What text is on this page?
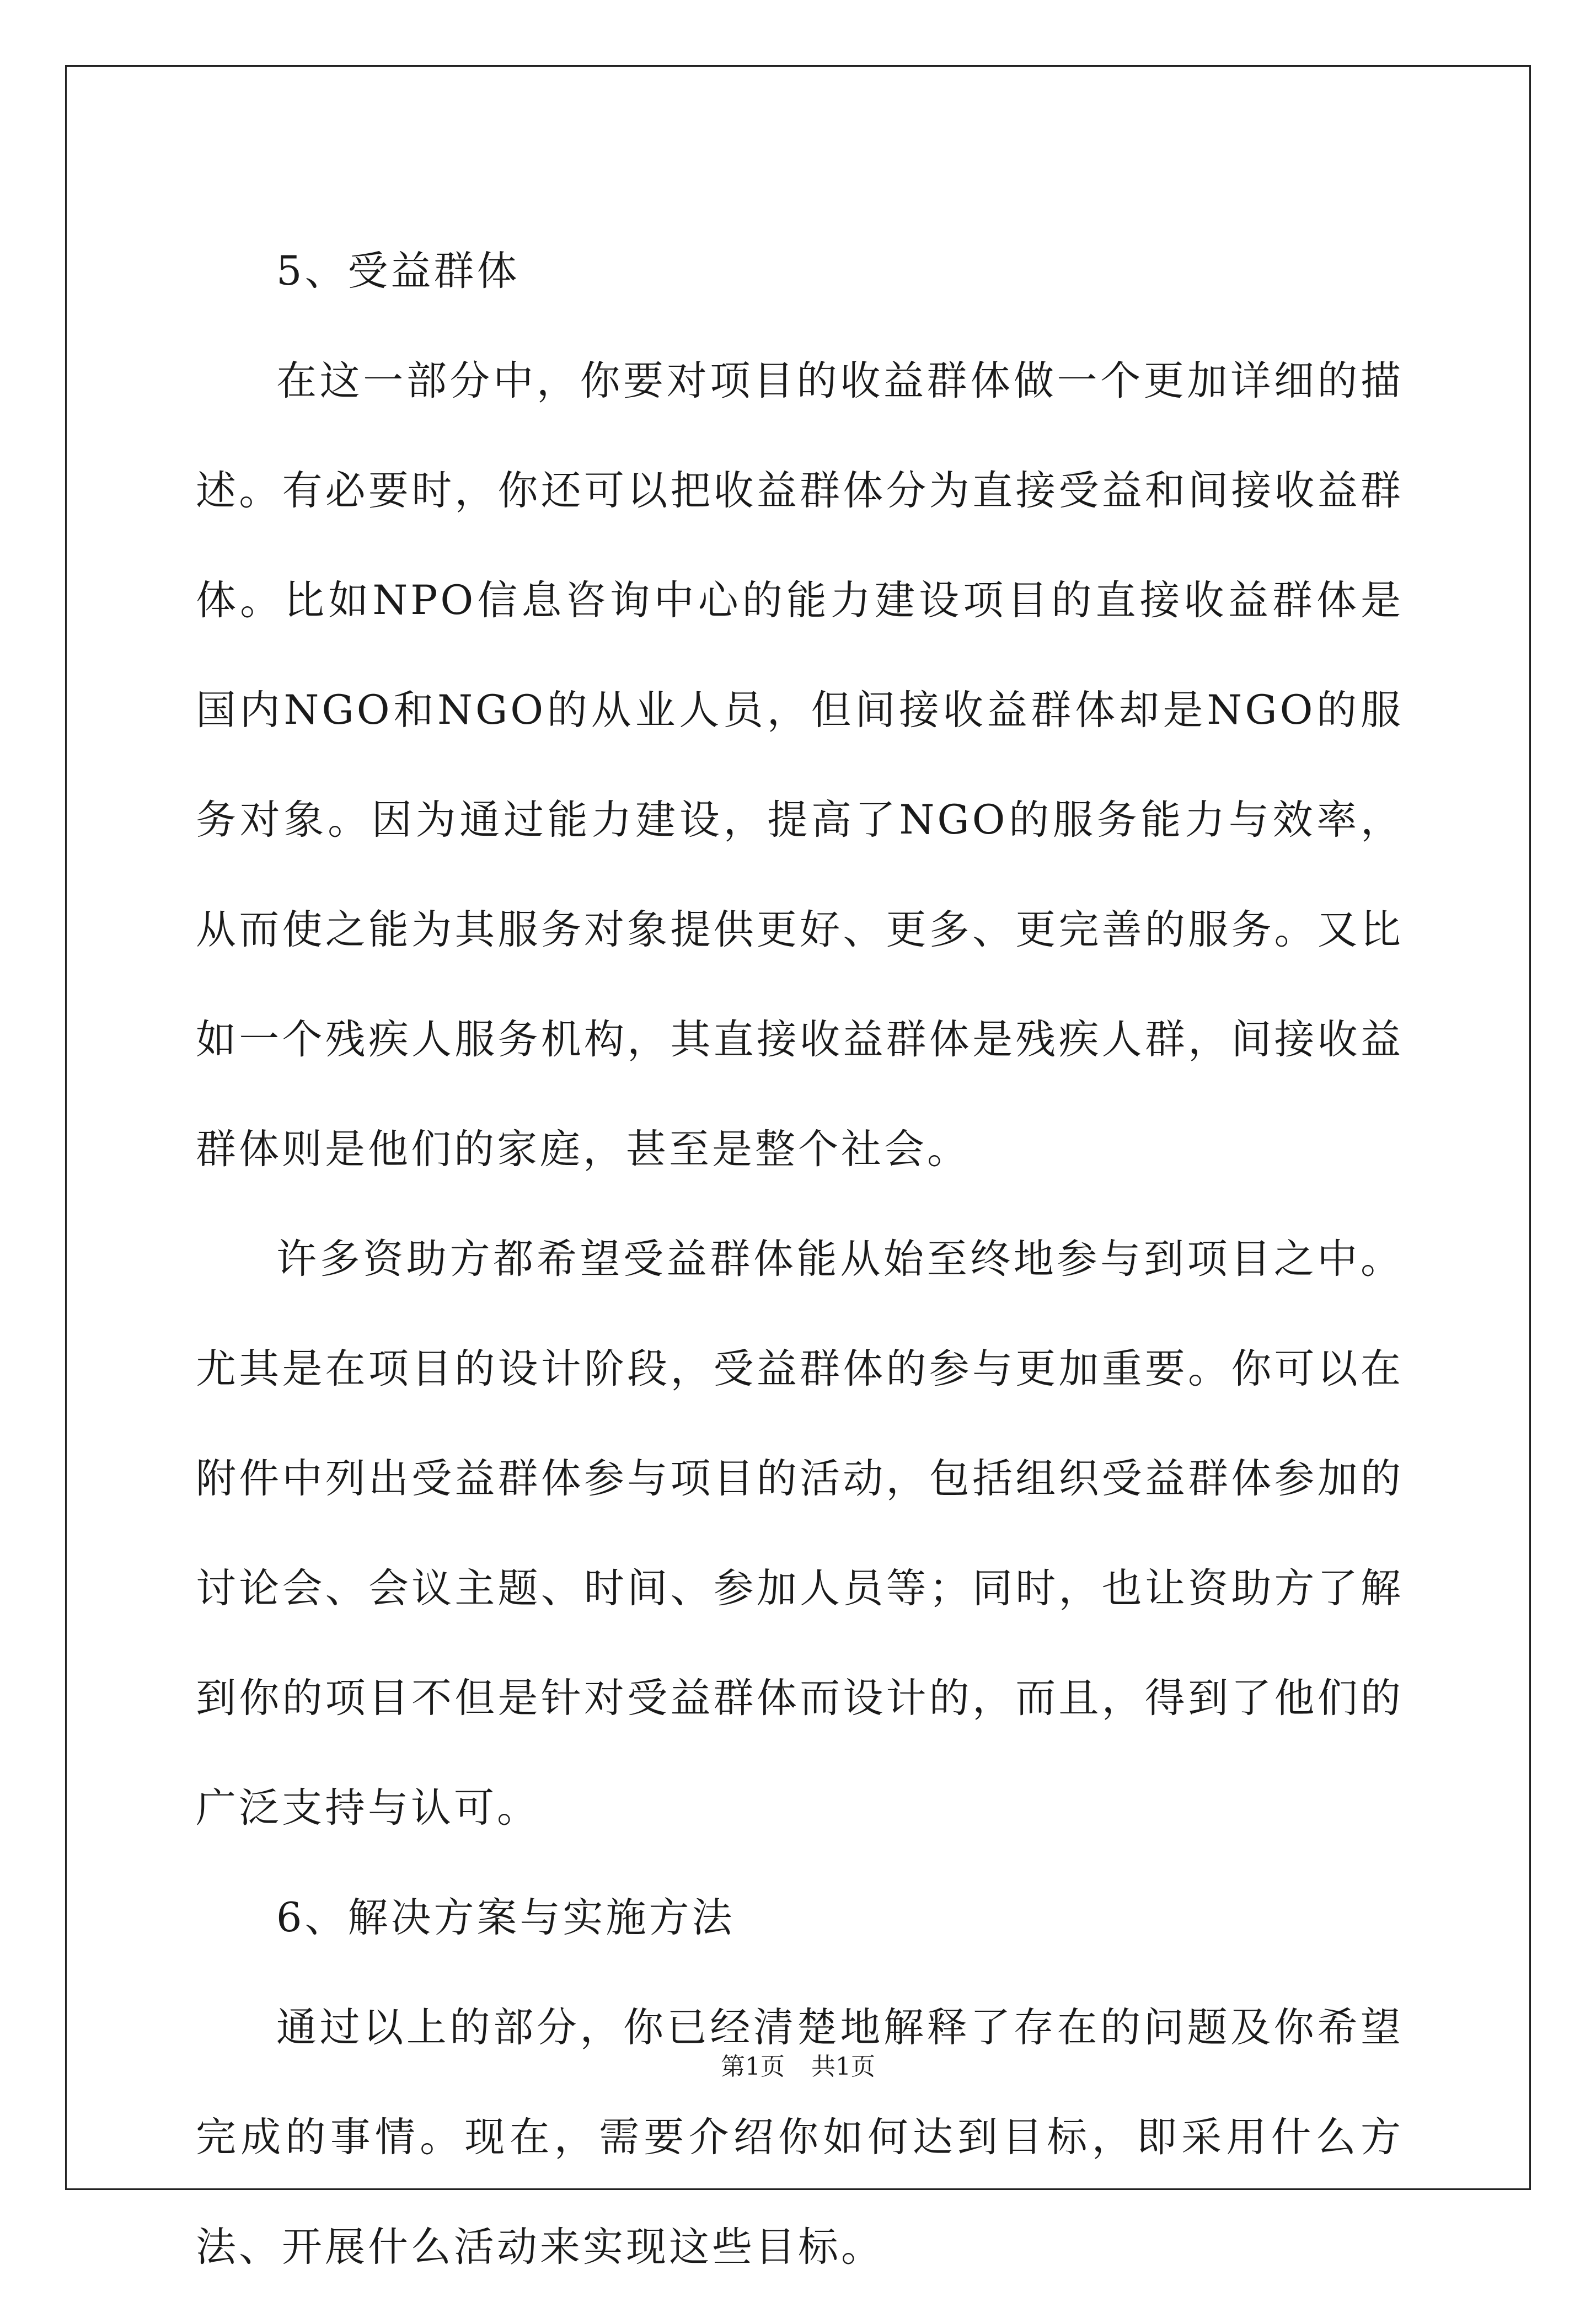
5、受益群体

在这一部分中，你要对项目的收益群体做一个更加详细的描述。有必要时，你还可以把收益群体分为直接受益和间接收益群体。比如NPO信息咨询中心的能力建设项目的直接收益群体是国内NGO和NGO的从业人员，但间接收益群体却是NGO的服务对象。因为通过能力建设，提高了NGO的服务能力与效率，从而使之能为其服务对象提供更好、更多、更完善的服务。又比如一个残疾人服务机构，其直接收益群体是残疾人群，间接收益群体则是他们的家庭，甚至是整个社会。

许多资助方都希望受益群体能从始至终地参与到项目之中。尤其是在项目的设计阶段，受益群体的参与更加重要。你可以在附件中列出受益群体参与项目的活动，包括组织受益群体参加的讨论会、会议主题、时间、参加人员等；同时，也让资助方了解到你的项目不但是针对受益群体而设计的，而且，得到了他们的广泛支持与认可。

6、解决方案与实施方法

通过以上的部分，你已经清楚地解释了存在的问题及你希望完成的事情。现在，需要介绍你如何达到目标，即采用什么方法、开展什么活动来实现这些目标。

第1页 共1页
